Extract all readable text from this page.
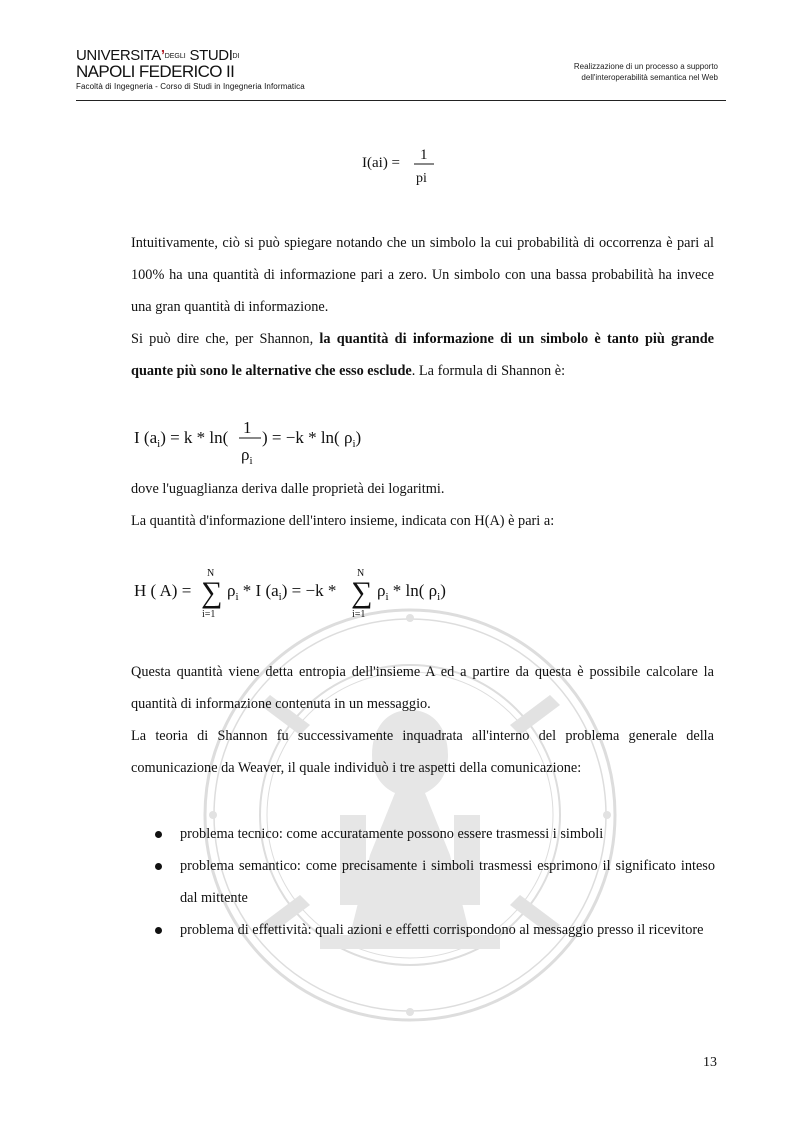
UNIVERSITA’DEGLI STUDIDI
NAPOLI FEDERICO II
Facoltà di Ingegneria - Corso di Studi in Ingegneria Informatica
Realizzazione di un processo a supporto
dell'interoperabilità semantica nel Web
I(ai) = 1
pi
Intuitivamente, ciò si può spiegare notando che un simbolo la cui probabilità di occorrenza è pari al 100% ha una quantità di informazione pari a zero. Un simbolo con una bassa probabilità ha invece una gran quantità di informazione.
Si può dire che, per Shannon, la quantità di informazione di un simbolo è tanto più grande quante più sono le alternative che esso esclude. La formula di Shannon è:
I $(a_i) = k * \ln$(
1
$\rho_i$
) = −k * ln( $\rho_i$)
dove l'uguaglianza deriva dalle proprietà dei logaritmi.
La quantità d'informazione dell'intero insieme, indicata con H(A) è pari a:
H ( A) =
N
∑
i=1
$\rho_i$ * I $(a_i) = -k$ *
N
∑
i=1
$\rho_i * \ln$( $\rho_i$)
Questa quantità viene detta entropia dell'insieme A ed a partire da questa è possibile calcolare la quantità di informazione contenuta in un messaggio.
La teoria di Shannon fu successivamente inquadrata all'interno del problema generale della comunicazione da Weaver, il quale individuò i tre aspetti della comunicazione:
problema tecnico: come accuratamente possono essere trasmessi i simboli
problema semantico: come precisamente i simboli trasmessi esprimono il significato inteso dal mittente
problema di effettività: quali azioni e effetti corrispondono al messaggio presso il ricevitore
13
